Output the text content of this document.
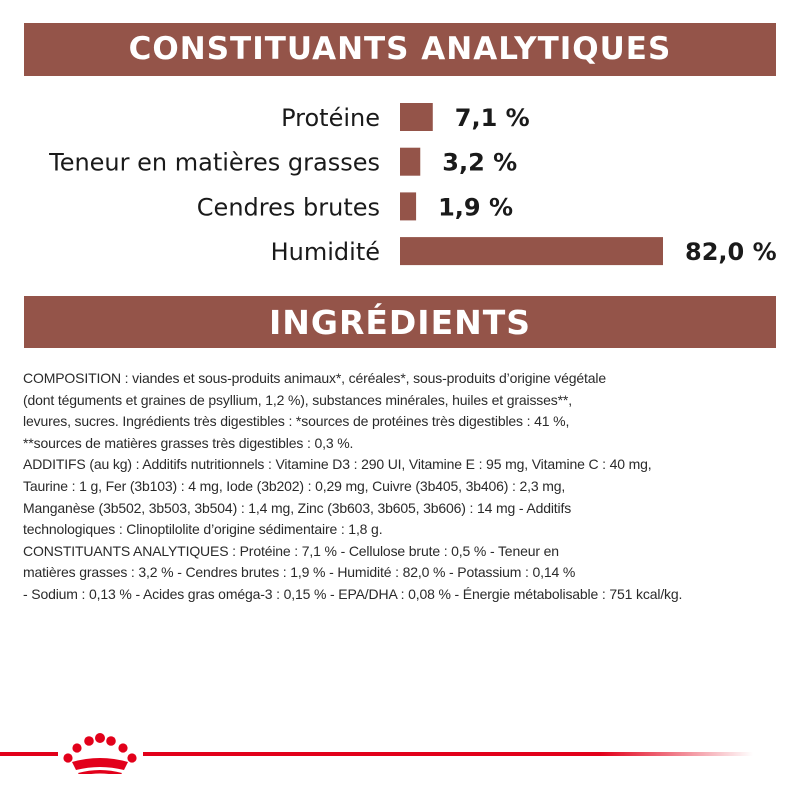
CONSTITUANTS ANALYTIQUES
Protéine	7,1 %
Teneur en matières grasses	3,2 %
Cendres brutes 1,9 %
Humidité	82,0 %
INGRÉDIENTS

COMPOSITION : viandes et sous-produits animaux*, céréales*, sous-produits d’origine végétale

(dont téguments et graines de psyllium, 1,2 %), substances minérales, huiles et graisses**,

levures, sucres. Ingrédients très digestibles : *sources de protéines très digestibles : 41 %,

**sources de matières grasses très digestibles : 0,3 %.

ADDITIFS (au kg) : Additifs nutritionnels : Vitamine D3 : 290 UI, Vitamine E : 95 mg, Vitamine C : 40 mg,

Taurine : 1 g, Fer (3b103) : 4 mg, Iode (3b202) : 0,29 mg, Cuivre (3b405, 3b406) : 2,3 mg,

Manganèse (3b502, 3b503, 3b504) : 1,4 mg, Zinc (3b603, 3b605, 3b606) : 14 mg - Additifs

technologiques : Clinoptilolite d’origine sédimentaire : 1,8 g.

CONSTITUANTS ANALYTIQUES : Protéine : 7,1 % - Cellulose brute : 0,5 % - Teneur en

matières grasses : 3,2 % - Cendres brutes : 1,9 % - Humidité : 82,0 % - Potassium : 0,14 %

- Sodium : 0,13 % - Acides gras oméga-3 : 0,15 % - EPA/DHA : 0,08 % - Énergie métabolisable : 751 kcal/kg.
